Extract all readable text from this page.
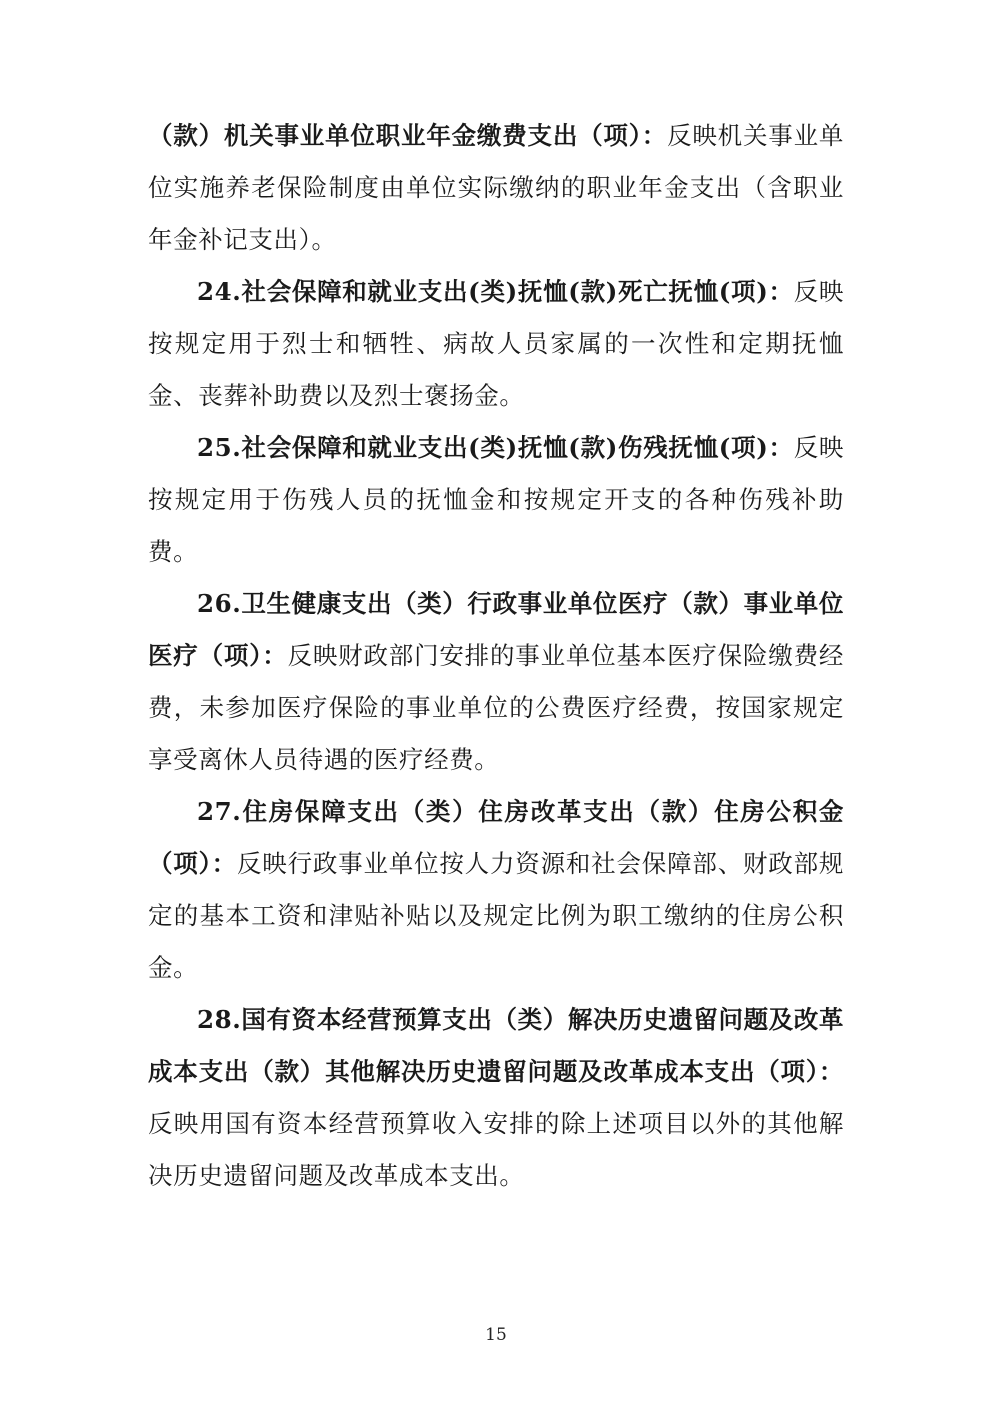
（款）机关事业单位职业年金缴费支出（项）：反映机关事业单位实施养老保险制度由单位实际缴纳的职业年金支出（含职业年金补记支出）。

24.社会保障和就业支出(类)抚恤(款)死亡抚恤(项)：反映按规定用于烈士和牺牲、病故人员家属的一次性和定期抚恤金、丧葬补助费以及烈士褒扬金。

25.社会保障和就业支出(类)抚恤(款)伤残抚恤(项)：反映按规定用于伤残人员的抚恤金和按规定开支的各种伤残补助费。

26.卫生健康支出（类）行政事业单位医疗（款）事业单位医疗（项）：反映财政部门安排的事业单位基本医疗保险缴费经费，未参加医疗保险的事业单位的公费医疗经费，按国家规定享受离休人员待遇的医疗经费。

27.住房保障支出（类）住房改革支出（款）住房公积金（项）：反映行政事业单位按人力资源和社会保障部、财政部规定的基本工资和津贴补贴以及规定比例为职工缴纳的住房公积金。

28.国有资本经营预算支出（类）解决历史遗留问题及改革成本支出（款）其他解决历史遗留问题及改革成本支出（项）：反映用国有资本经营预算收入安排的除上述项目以外的其他解决历史遗留问题及改革成本支出。

15
